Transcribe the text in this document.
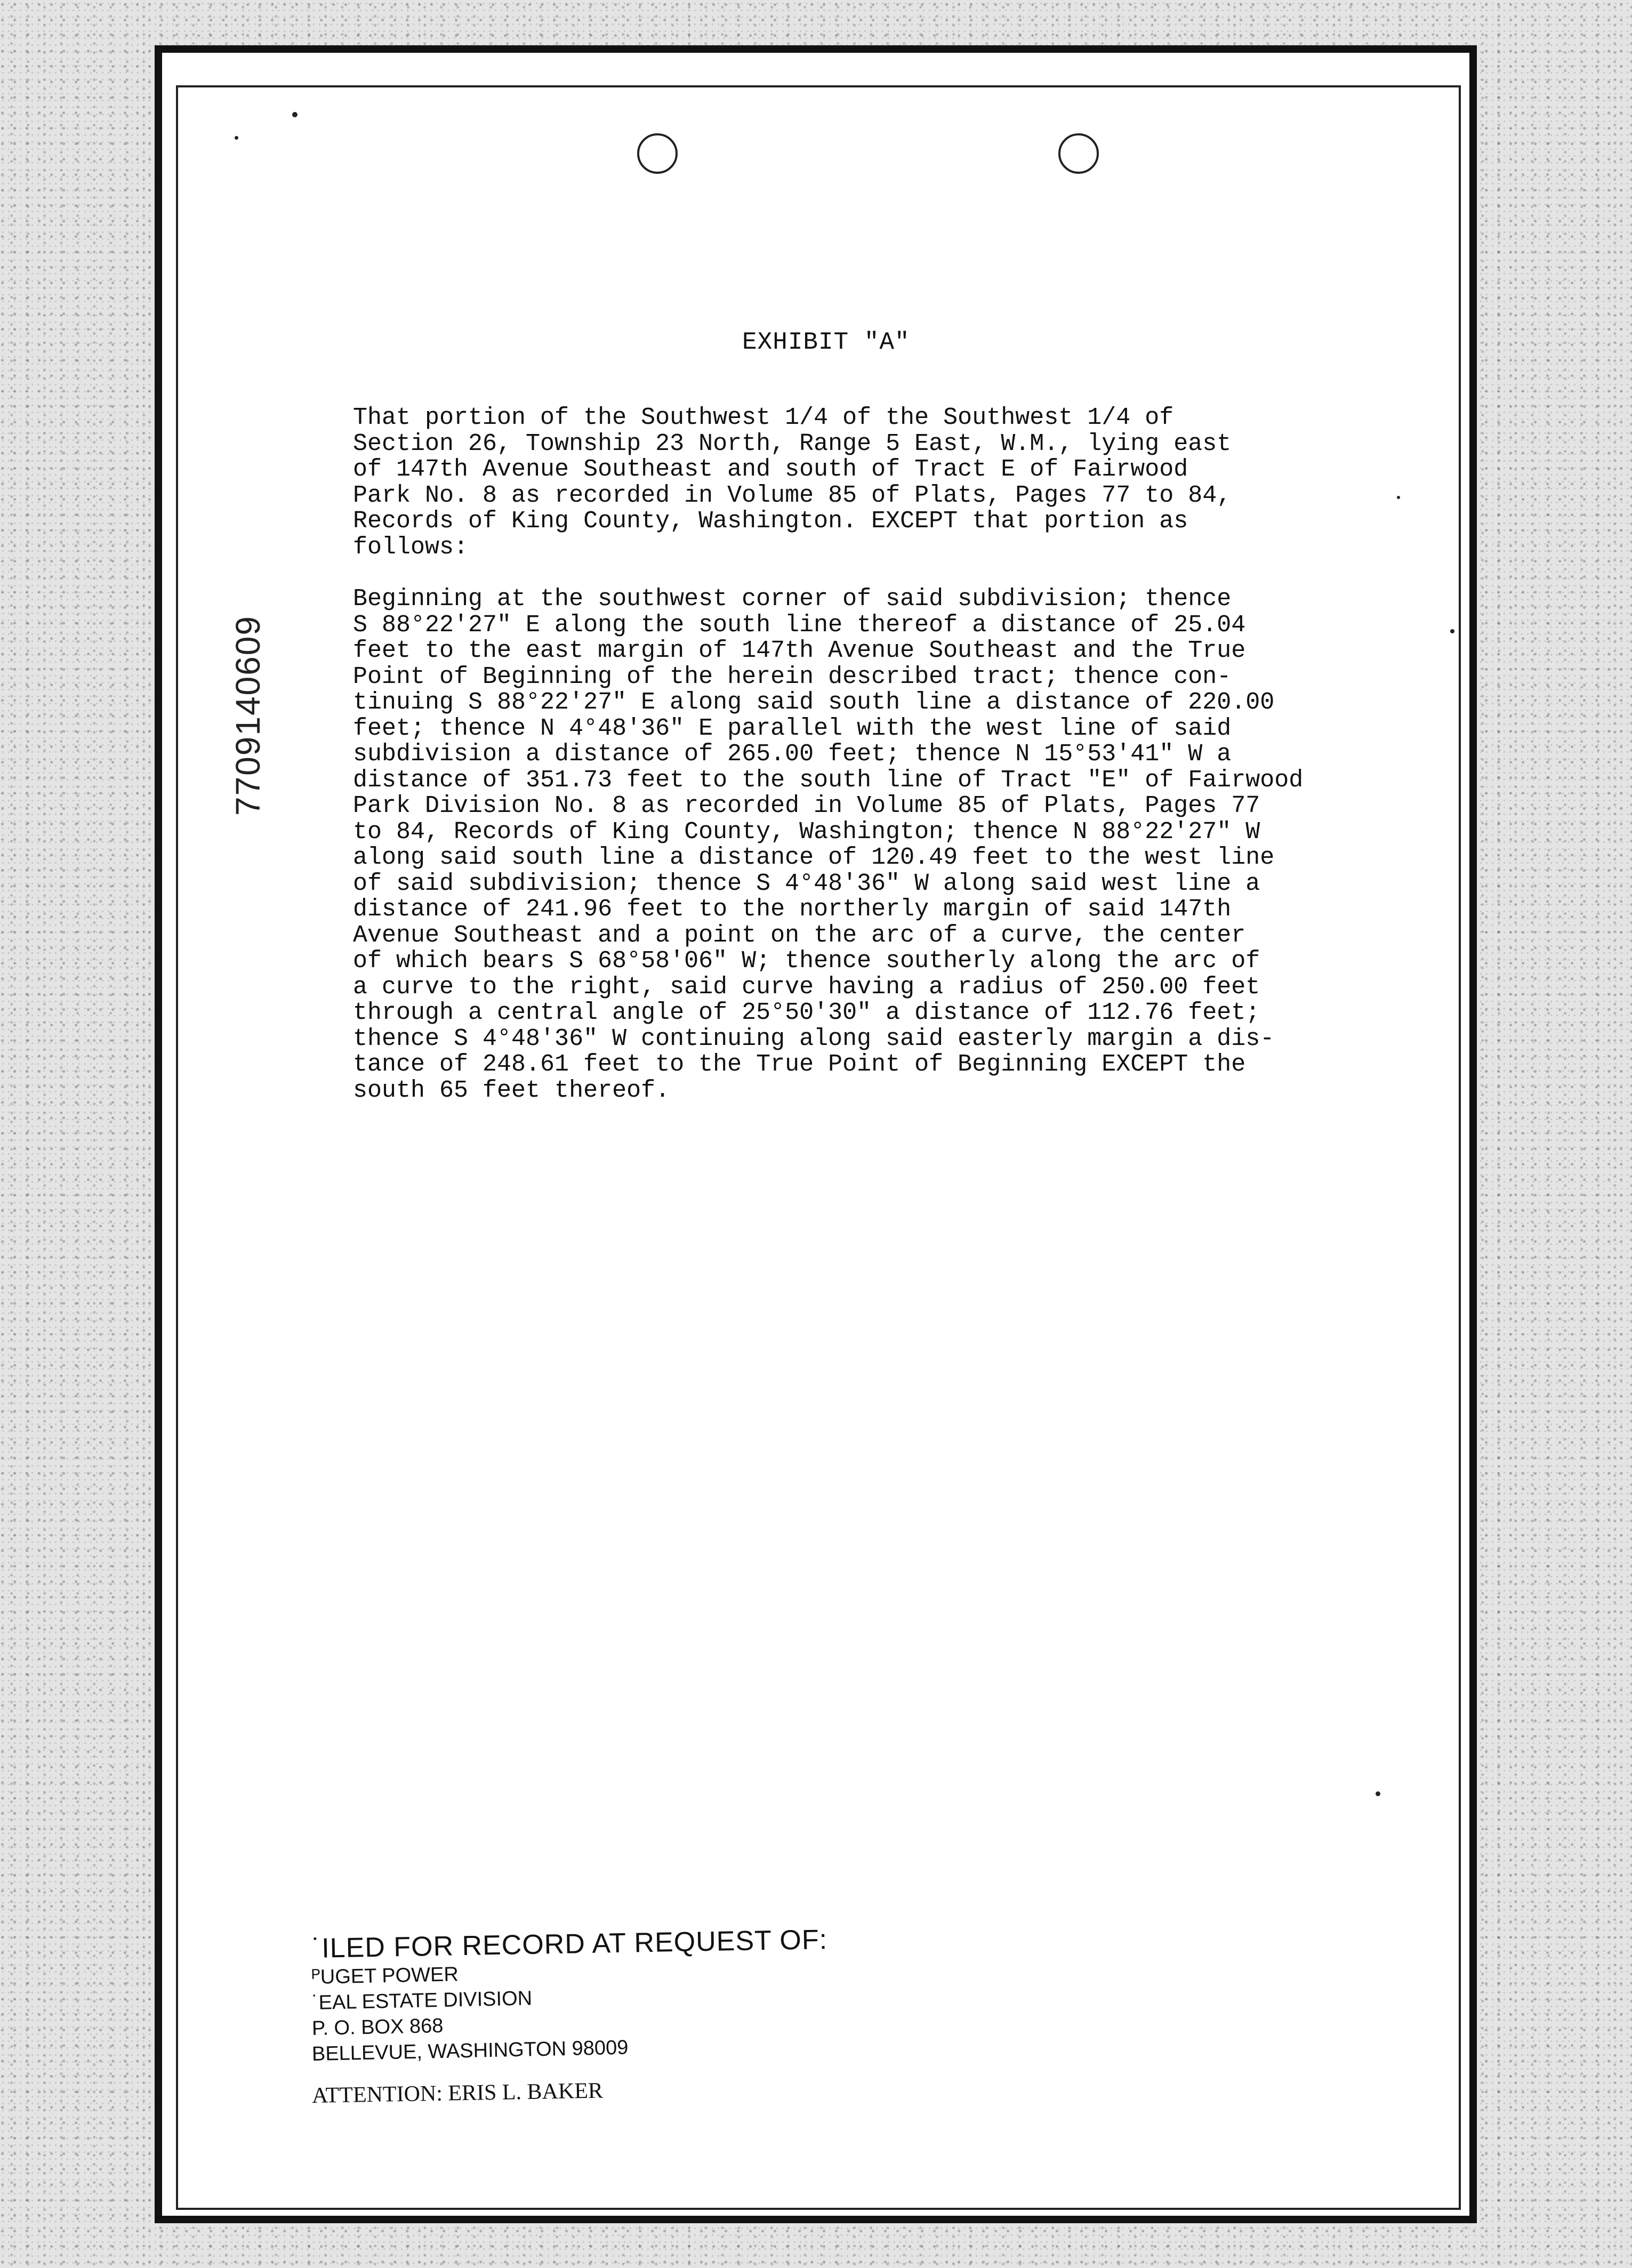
7709140609
EXHIBIT "A"
That portion of the Southwest 1/4 of the Southwest 1/4 of
Section 26, Township 23 North, Range 5 East, W.M., lying east
of 147th Avenue Southeast and south of Tract E of Fairwood
Park No. 8 as recorded in Volume 85 of Plats, Pages 77 to 84,
Records of King County, Washington. EXCEPT that portion as
follows:
Beginning at the southwest corner of said subdivision; thence
S 88°22'27" E along the south line thereof a distance of 25.04
feet to the east margin of 147th Avenue Southeast and the True
Point of Beginning of the herein described tract; thence con-
tinuing S 88°22'27" E along said south line a distance of 220.00
feet; thence N 4°48'36" E parallel with the west line of said
subdivision a distance of 265.00 feet; thence N 15°53'41" W a
distance of 351.73 feet to the south line of Tract "E" of Fairwood
Park Division No. 8 as recorded in Volume 85 of Plats, Pages 77
to 84, Records of King County, Washington; thence N 88°22'27" W
along said south line a distance of 120.49 feet to the west line
of said subdivision; thence S 4°48'36" W along said west line a
distance of 241.96 feet to the northerly margin of said 147th
Avenue Southeast and a point on the arc of a curve, the center
of which bears S 68°58'06" W; thence southerly along the arc of
a curve to the right, said curve having a radius of 250.00 feet
through a central angle of 25°50'30" a distance of 112.76 feet;
thence S 4°48'36" W continuing along said easterly margin a dis-
tance of 248.61 feet to the True Point of Beginning EXCEPT the
south 65 feet thereof.
˙ILED FOR RECORD AT REQUEST OF:
ᴾUGET POWER
˙EAL ESTATE DIVISION
P. O. BOX 868
BELLEVUE, WASHINGTON 98009
ATTENTION: ERIS L. BAKER
